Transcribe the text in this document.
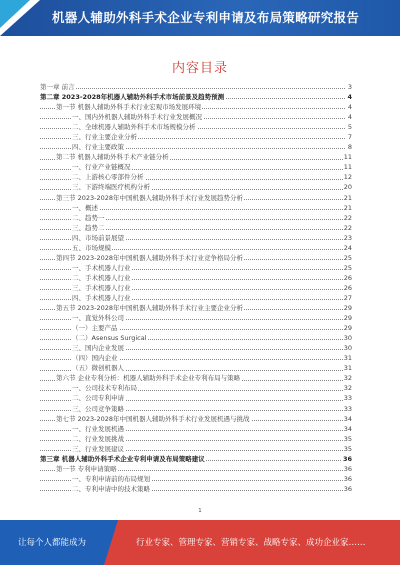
机器人辅助外科手术企业专利申请及布局策略研究报告
内容目录
第一章 前言	3
第二章 2023-2028年机器人辅助外科手术市场前景及趋势预测	4
第一节 机器人辅助外科手术行业宏观市场发展环境	4
一、国内外机器人辅助外科手术行业发展概况	4
二、全球机器人辅助外科手术市场规模分析	5
三、行业主要企业分析	7
四、行业主要政策	8
第二节 机器人辅助外科手术产业链分析	11
一、行业产业链概况	11
二、上游核心零部件分析	12
三、下游终端医疗机构分析	20
第三节 2023-2028年中国机器人辅助外科手术行业发展趋势分析	21
一、概述	21
二、趋势一	22
三、趋势二	22
四、市场前景展望	23
五、市场规模	24
第四节 2023-2028年中国机器人辅助外科手术行业竞争格局分析	25
一、手术机器人行业	25
二、手术机器人行业	26
三、手术机器人行业	26
四、手术机器人行业	27
第五节 2023-2028年中国机器人辅助外科手术行业主要企业分析	29
一、直觉外科公司	29
（一）主要产品	29
（二）Asensus Surgical	30
三、国内企业发展	30
（四）国内企业	31
（五）微创机器人	31
第六节 企业专利分析：机器人辅助外科手术企业专利布局与策略	32
一、公司技术专利布局	32
二、公司专利申请	33
三、公司竞争策略	33
第七节 2023-2028年中国机器人辅助外科手术行业发展机遇与挑战	34
一、行业发展机遇	34
二、行业发展挑战	35
三、行业发展建议	35
第三章 机器人辅助外科手术企业专利申请及布局策略建议	36
第一节 专利申请策略	36
一、专利申请前的布局规划	36
二、专利申请中的技术策略	36
1
让每个人都能成为	行业专家、管理专家、营销专家、战略专家、成功企业家……
